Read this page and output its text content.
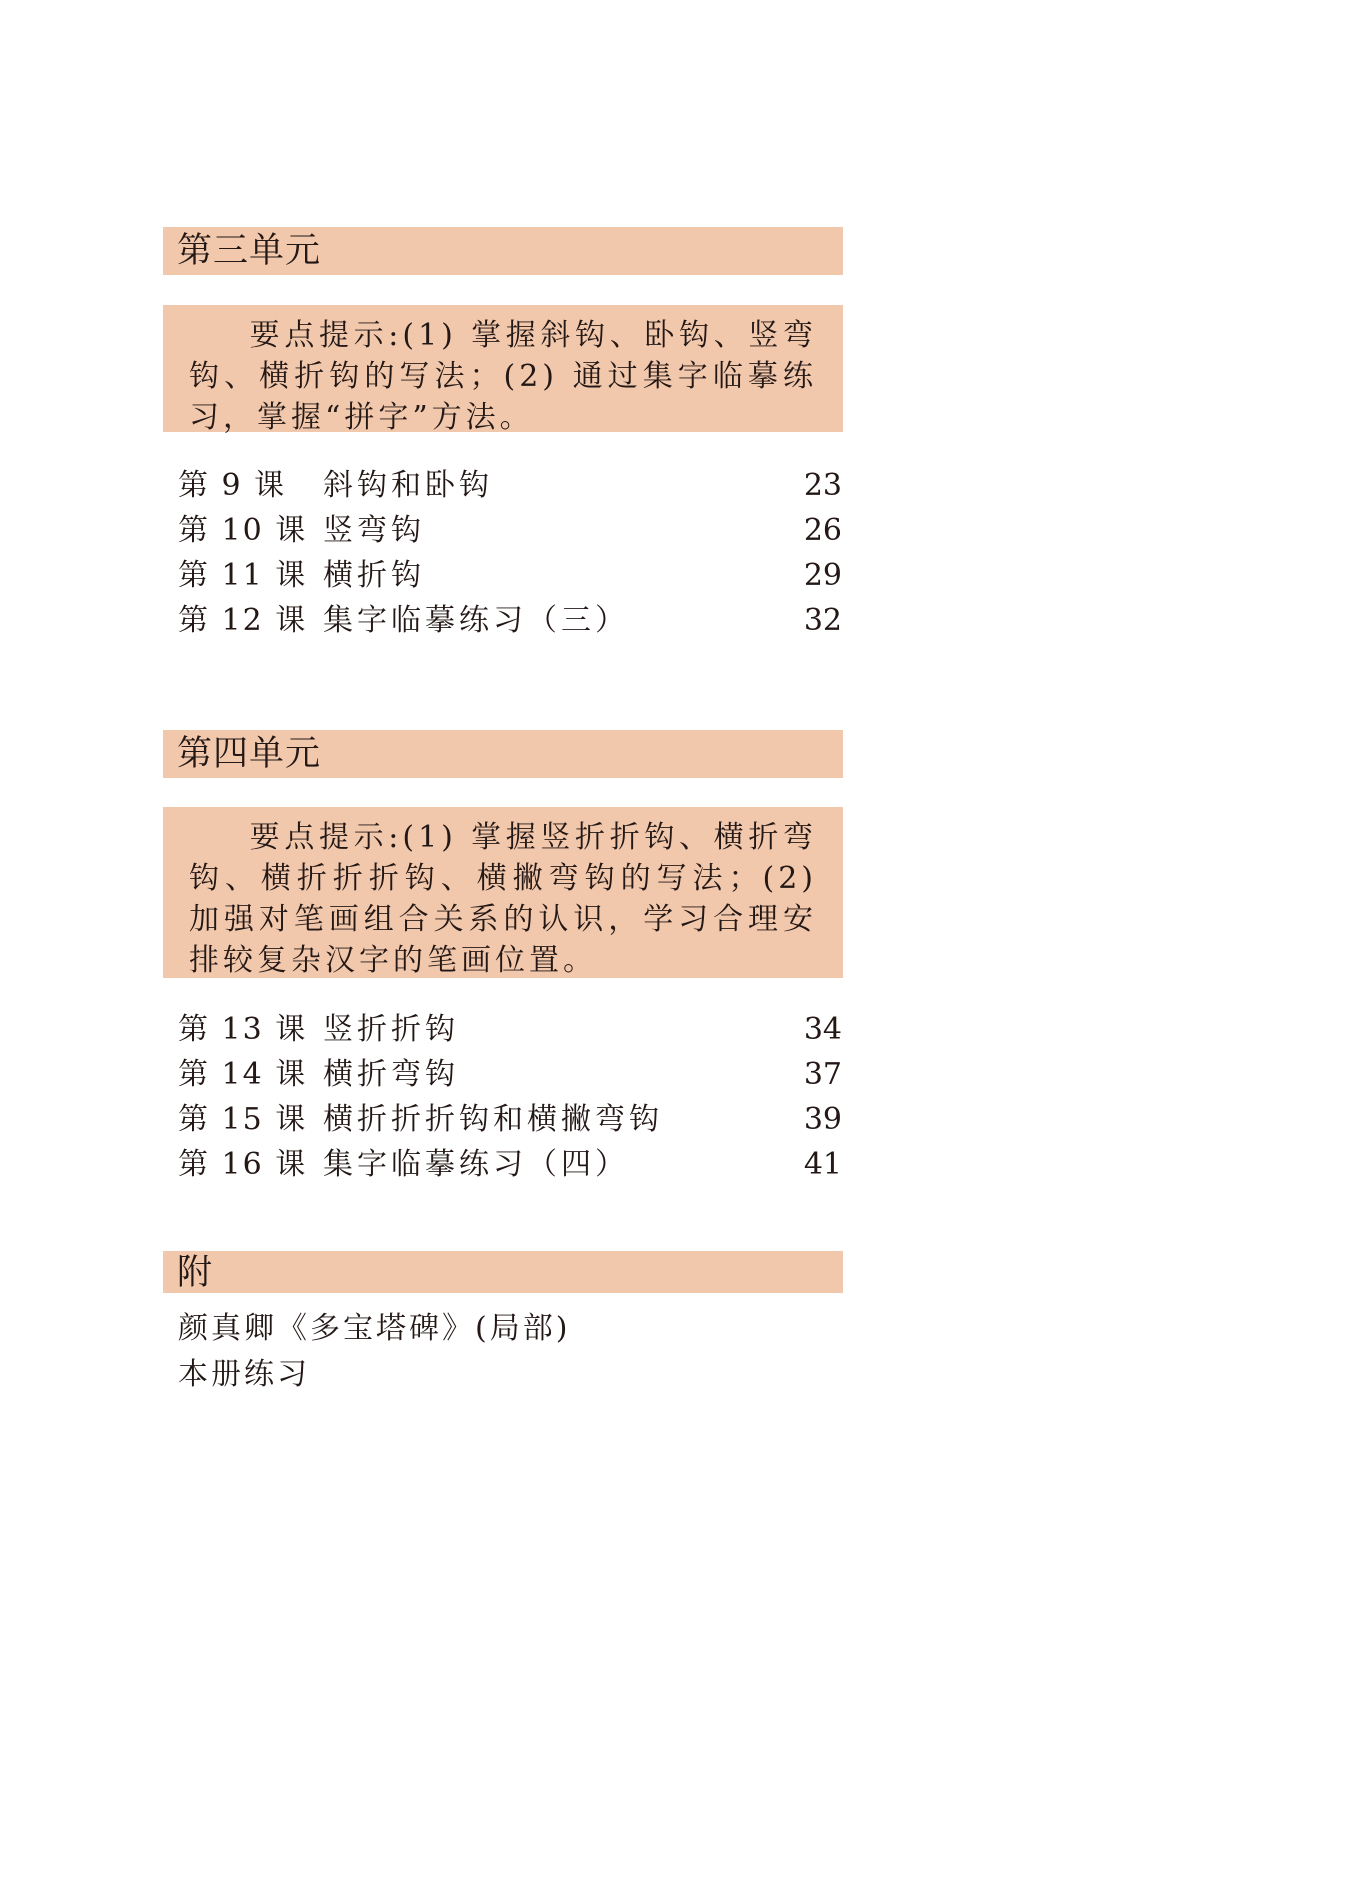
第三单元
要点提示:(1) 掌握斜钩、卧钩、竖弯钩、横折钩的写法；(2) 通过集字临摹练习，掌握“拼字”方法。
第 9 课 斜钩和卧钩	23
第 10 课 竖弯钩	26
第 11 课 横折钩	29
第 12 课 集字临摹练习（三）	32
第四单元
要点提示:(1) 掌握竖折折钩、横折弯钩、横折折折钩、横撇弯钩的写法；(2) 加强对笔画组合关系的认识，学习合理安排较复杂汉字的笔画位置。
第 13 课 竖折折钩	34
第 14 课 横折弯钩	37
第 15 课 横折折折钩和横撇弯钩	39
第 16 课 集字临摹练习（四）	41
附
颜真卿《多宝塔碑》(局部)
本册练习
